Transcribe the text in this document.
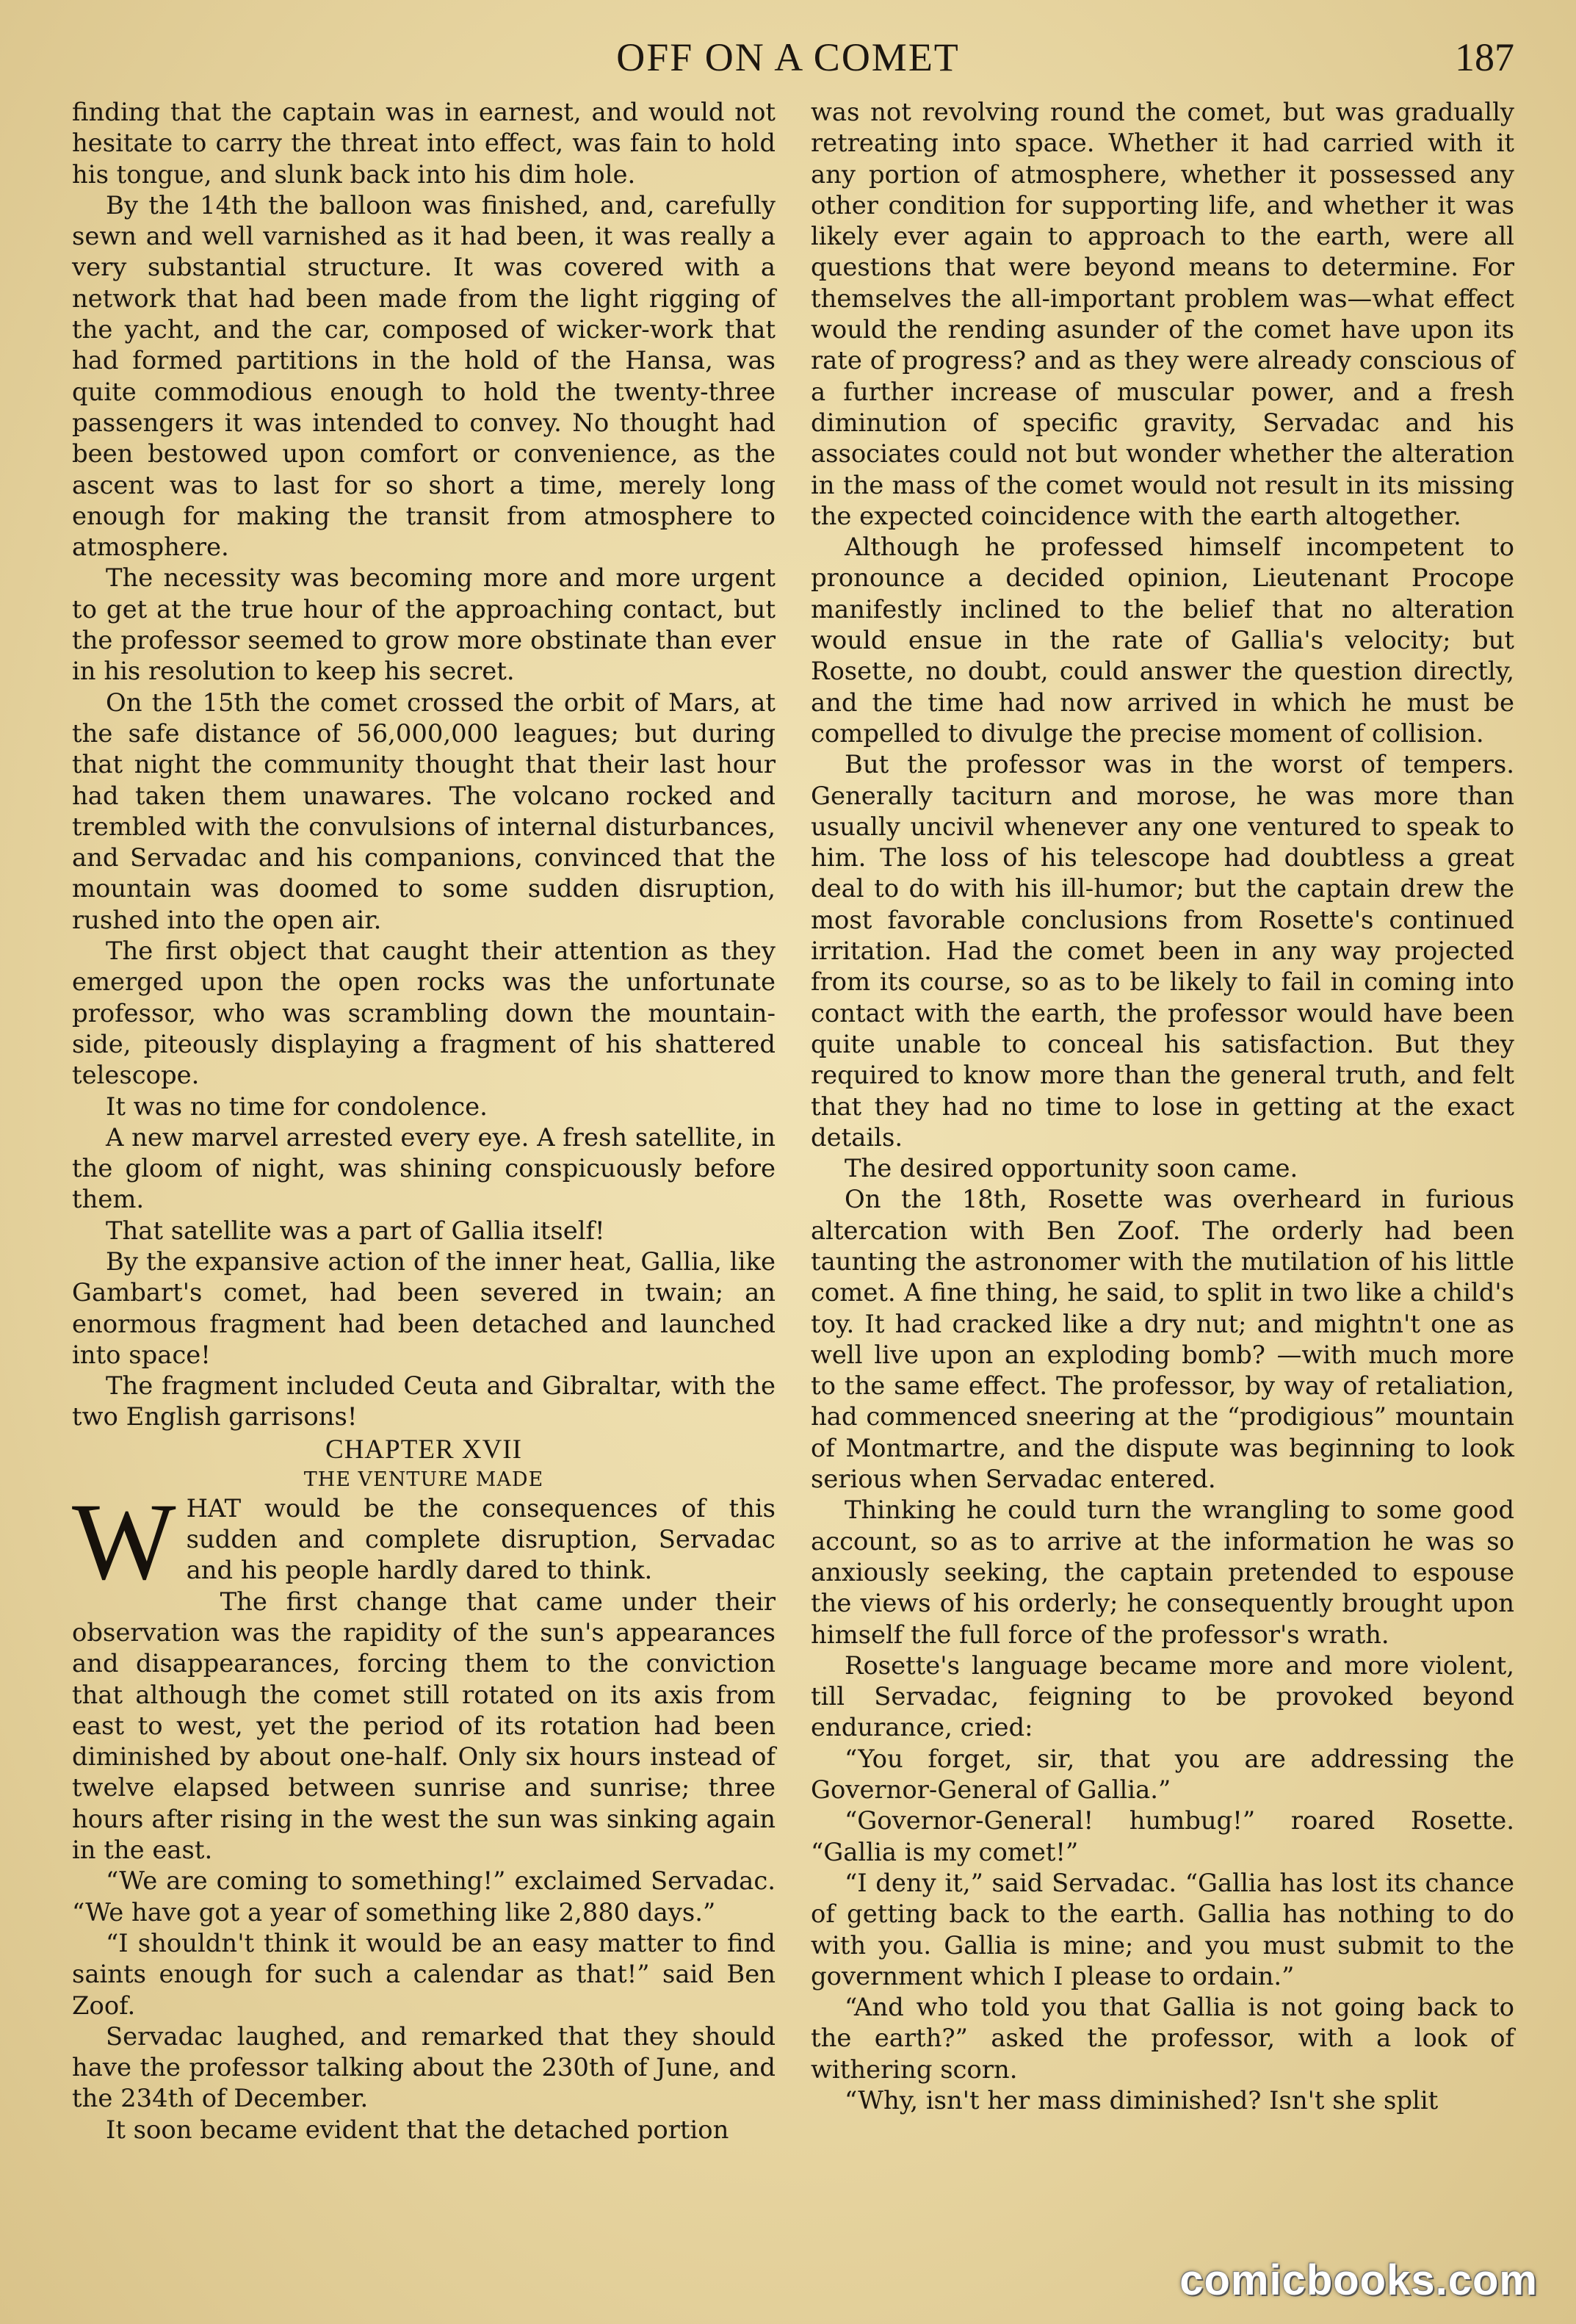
OFF ON A COMET	187

finding that the captain was in earnest, and would not hesitate to carry the threat into effect, was fain to hold his tongue, and slunk back into his dim hole.

By the 14th the balloon was finished, and, carefully sewn and well varnished as it had been, it was really a very substantial structure. It was covered with a network that had been made from the light rigging of the yacht, and the car, composed of wicker-work that had formed partitions in the hold of the Hansa, was quite commodious enough to hold the twenty-three passengers it was intended to convey. No thought had been bestowed upon comfort or convenience, as the ascent was to last for so short a time, merely long enough for making the transit from atmosphere to atmosphere.

The necessity was becoming more and more urgent to get at the true hour of the approaching contact, but the professor seemed to grow more obstinate than ever in his resolution to keep his secret.

On the 15th the comet crossed the orbit of Mars, at the safe distance of 56,000,000 leagues; but during that night the community thought that their last hour had taken them unawares. The volcano rocked and trembled with the convulsions of internal disturbances, and Servadac and his companions, convinced that the mountain was doomed to some sudden disruption, rushed into the open air.

The first object that caught their attention as they emerged upon the open rocks was the unfortunate professor, who was scrambling down the mountain-side, piteously displaying a fragment of his shattered telescope.

It was no time for condolence.

A new marvel arrested every eye. A fresh satellite, in the gloom of night, was shining conspicuously before them.

That satellite was a part of Gallia itself!

By the expansive action of the inner heat, Gallia, like Gambart's comet, had been severed in twain; an enormous fragment had been detached and launched into space!

The fragment included Ceuta and Gibraltar, with the two English garrisons!

CHAPTER XVII

THE VENTURE MADE

WHAT would be the consequences of this sudden and complete disruption, Servadac and his people hardly dared to think.

The first change that came under their observation was the rapidity of the sun's appearances and disappearances, forcing them to the conviction that although the comet still rotated on its axis from east to west, yet the period of its rotation had been diminished by about one-half. Only six hours instead of twelve elapsed between sunrise and sunrise; three hours after rising in the west the sun was sinking again in the east.

“We are coming to something!” exclaimed Servadac. “We have got a year of something like 2,880 days.”

“I shouldn't think it would be an easy matter to find saints enough for such a calendar as that!” said Ben Zoof.

Servadac laughed, and remarked that they should have the professor talking about the 230th of June, and the 234th of December.

It soon became evident that the detached portion

was not revolving round the comet, but was gradually retreating into space. Whether it had carried with it any portion of atmosphere, whether it possessed any other condition for supporting life, and whether it was likely ever again to approach to the earth, were all questions that were beyond means to determine. For themselves the all-important problem was—what effect would the rending asunder of the comet have upon its rate of progress? and as they were already conscious of a further increase of muscular power, and a fresh diminution of specific gravity, Servadac and his associates could not but wonder whether the alteration in the mass of the comet would not result in its missing the expected coincidence with the earth altogether.

Although he professed himself incompetent to pronounce a decided opinion, Lieutenant Procope manifestly inclined to the belief that no alteration would ensue in the rate of Gallia's velocity; but Rosette, no doubt, could answer the question directly, and the time had now arrived in which he must be compelled to divulge the precise moment of collision.

But the professor was in the worst of tempers. Generally taciturn and morose, he was more than usually uncivil whenever any one ventured to speak to him. The loss of his telescope had doubtless a great deal to do with his ill-humor; but the captain drew the most favorable conclusions from Rosette's continued irritation. Had the comet been in any way projected from its course, so as to be likely to fail in coming into contact with the earth, the professor would have been quite unable to conceal his satisfaction. But they required to know more than the general truth, and felt that they had no time to lose in getting at the exact details.

The desired opportunity soon came.

On the 18th, Rosette was overheard in furious altercation with Ben Zoof. The orderly had been taunting the astronomer with the mutilation of his little comet. A fine thing, he said, to split in two like a child's toy. It had cracked like a dry nut; and mightn't one as well live upon an exploding bomb? —with much more to the same effect. The professor, by way of retaliation, had commenced sneering at the “prodigious” mountain of Montmartre, and the dispute was beginning to look serious when Servadac entered.

Thinking he could turn the wrangling to some good account, so as to arrive at the information he was so anxiously seeking, the captain pretended to espouse the views of his orderly; he consequently brought upon himself the full force of the professor's wrath.

Rosette's language became more and more violent, till Servadac, feigning to be provoked beyond endurance, cried:

“You forget, sir, that you are addressing the Governor-General of Gallia.”

“Governor-General! humbug!” roared Rosette. “Gallia is my comet!”

“I deny it,” said Servadac. “Gallia has lost its chance of getting back to the earth. Gallia has nothing to do with you. Gallia is mine; and you must submit to the government which I please to ordain.”

“And who told you that Gallia is not going back to the earth?” asked the professor, with a look of withering scorn.

“Why, isn't her mass diminished? Isn't she split

comicbooks.com
